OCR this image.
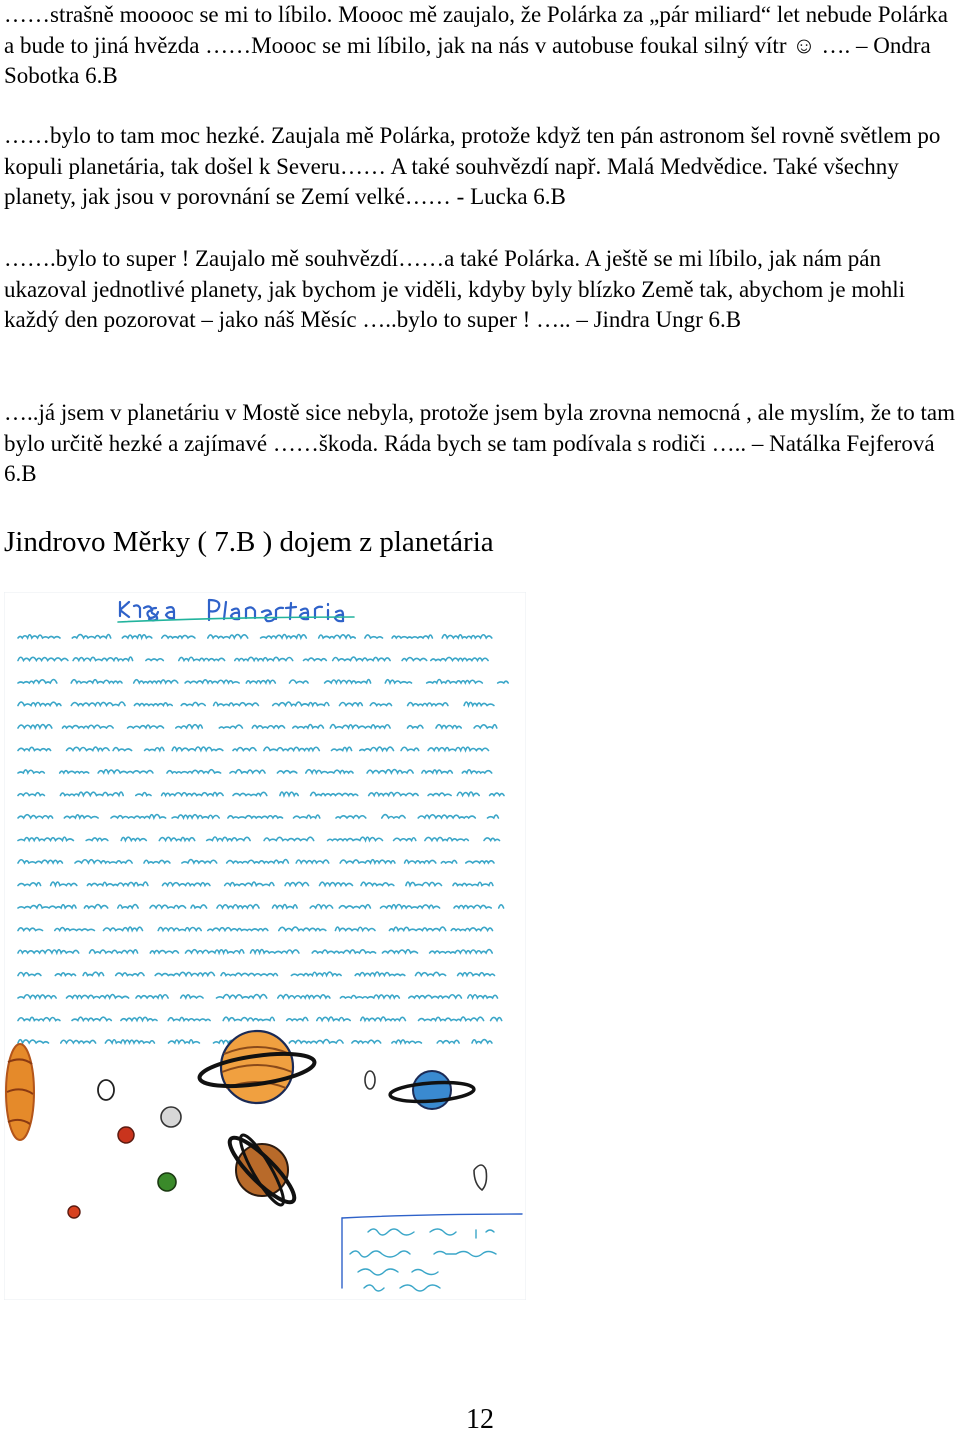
……strašně mooooc se mi to líbilo. Moooc mě zaujalo, že Polárka za „pár miliard“ let nebude Polárka a bude to jiná hvězda ……Moooc se mi líbilo, jak na nás v autobuse foukal silný vítr ☺ …. – Ondra Sobotka 6.B

……bylo to tam moc hezké. Zaujala mě Polárka, protože když ten pán astronom šel rovně světlem po kopuli planetária, tak došel k Severu…… A také souhvězdí např. Malá Medvědice. Také všechny planety, jak jsou v porovnání se Zemí velké…… - Lucka 6.B

…….bylo to super ! Zaujalo mě souhvězdí……a také Polárka. A ještě se mi líbilo, jak nám pán ukazoval jednotlivé planety, jak bychom je viděli, kdyby byly blízko Země tak, abychom je mohli každý den pozorovat – jako náš Měsíc …..bylo to super ! ….. – Jindra Ungr 6.B

…..já jsem v planetáriu v Mostě sice nebyla, protože jsem byla zrovna nemocná , ale myslím, že to tam bylo určitě hezké a zajímavé ……škoda. Ráda bych se tam podívala s rodiči ….. – Natálka Fejferová 6.B

Jindrovo Měrky ( 7.B ) dojem z planetária
12
